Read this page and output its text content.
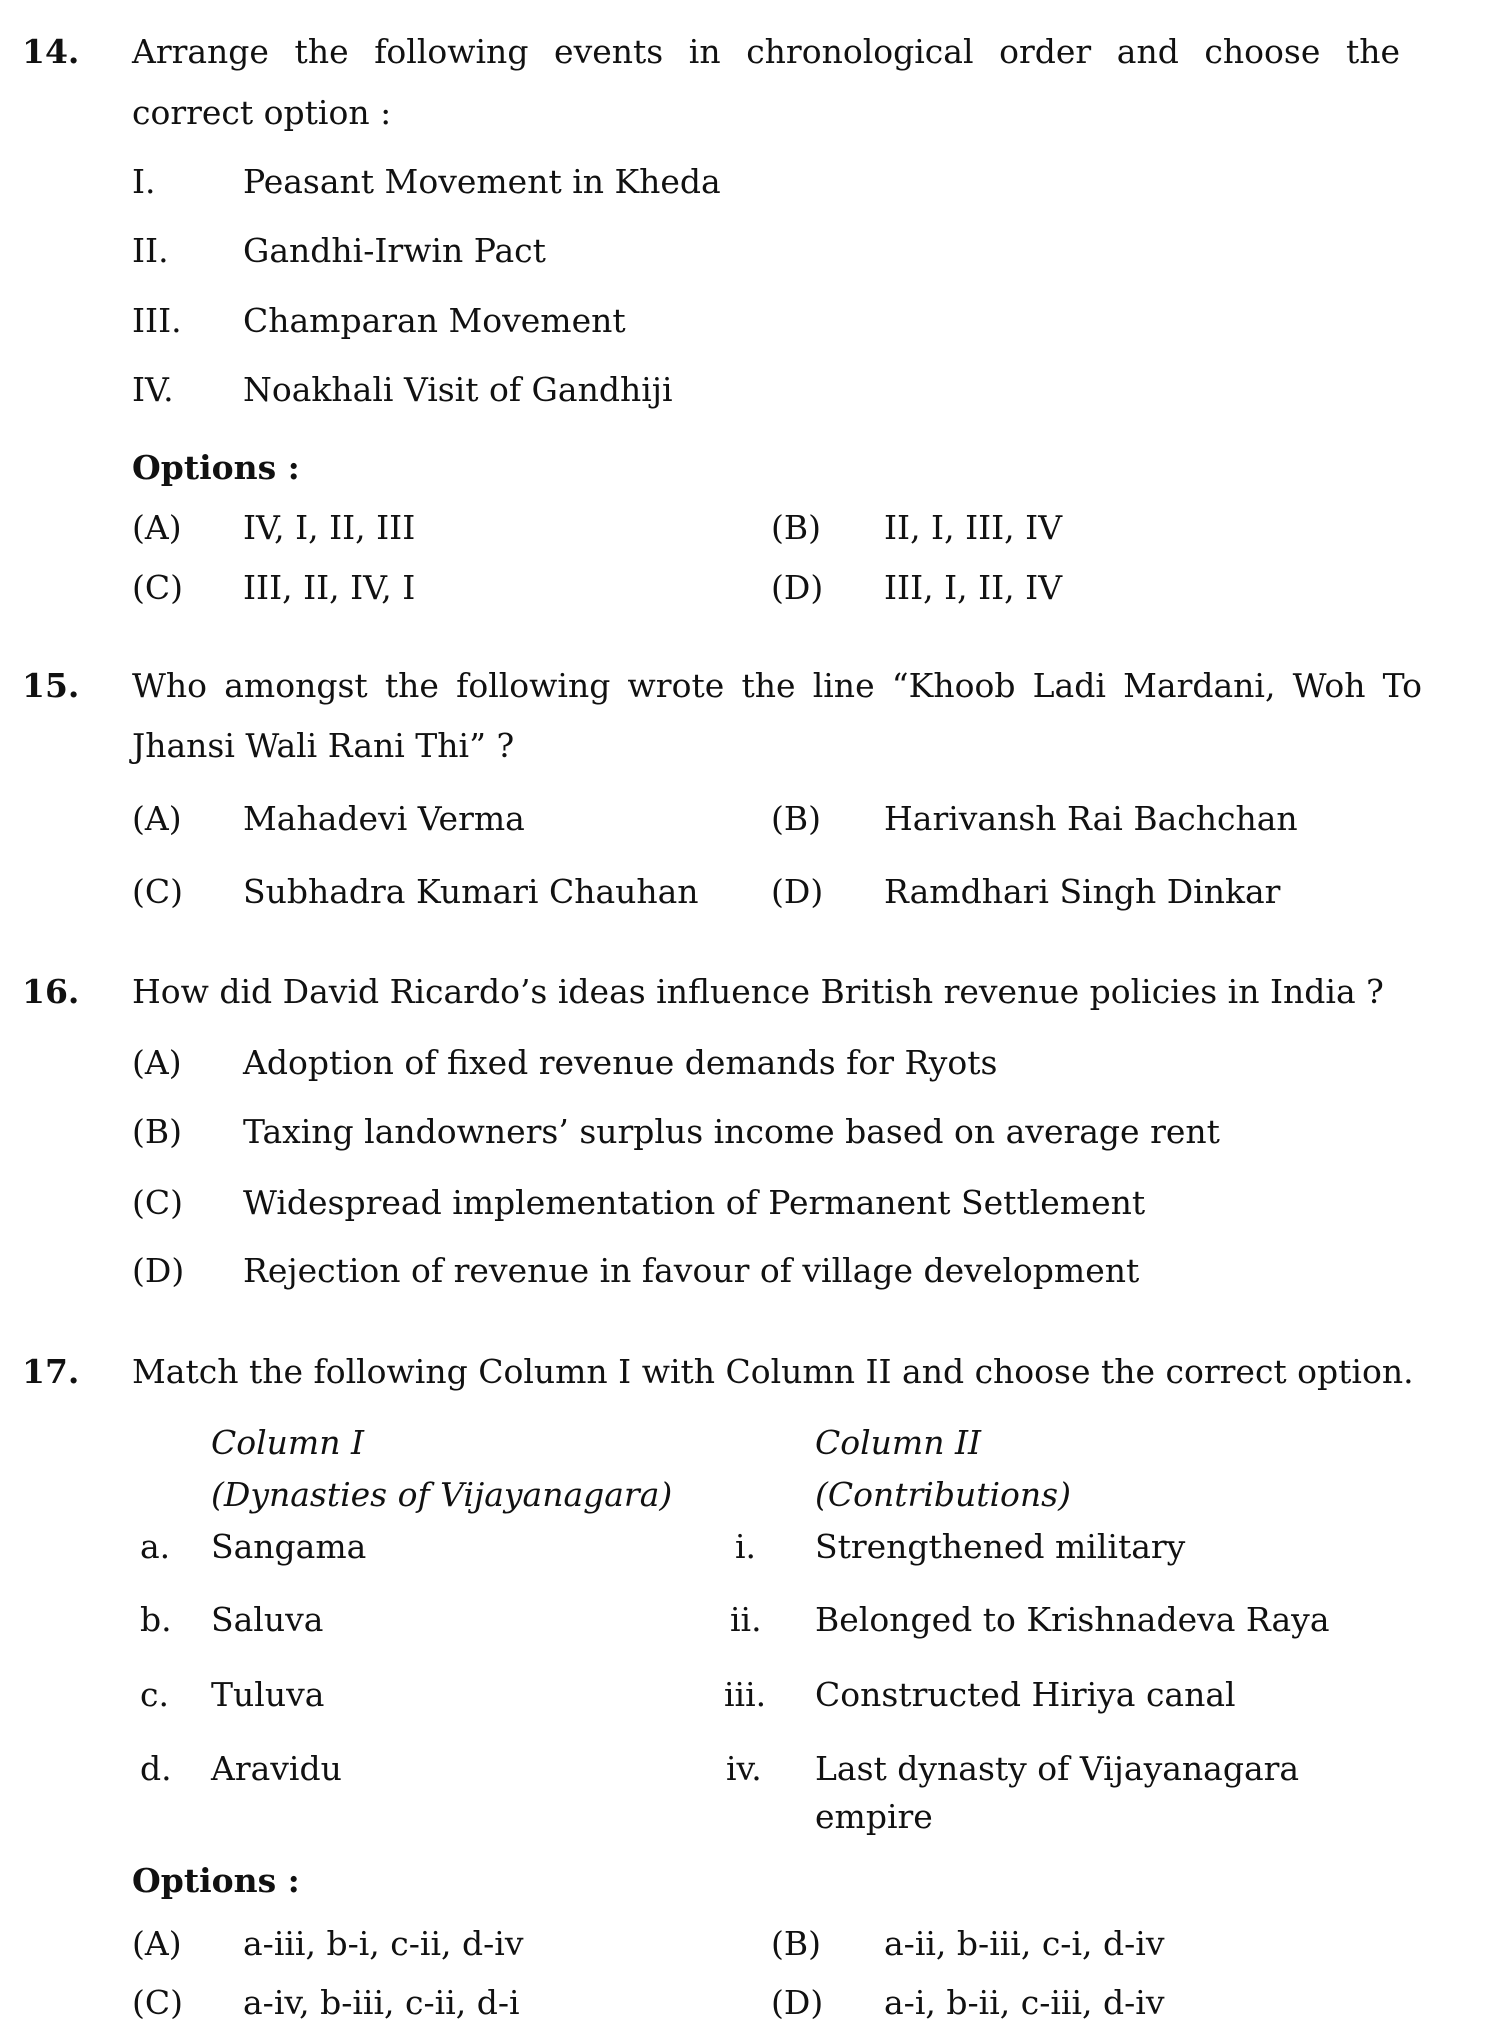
14. Arrange the following events in chronological order and choose the
correct option :
I.	Peasant Movement in Kheda
II. Gandhi-Irwin Pact
III. Champaran Movement
IV. Noakhali Visit of Gandhiji
Options :
(A) IV, I, II, III	(B) II, I, III, IV
(C) III, II, IV, I	(D) III, I, II, IV
15. Who amongst the following wrote the line “Khoob Ladi Mardani, Woh To
Jhansi Wali Rani Thi” ?
(A) Mahadevi Verma	(B) Harivansh Rai Bachchan
(C) Subhadra Kumari Chauhan (D) Ramdhari Singh Dinkar
16. How did David Ricardo’s ideas influence British revenue policies in India ?
(A) Adoption of fixed revenue demands for Ryots
(B) Taxing landowners’ surplus income based on average rent
(C) Widespread implementation of Permanent Settlement
(D) Rejection of revenue in favour of village development
17. Match the following Column I with Column II and choose the correct option.
Column I
(Dynasties of Vijayanagara)
Column II
(Contributions)
a. Sangama	i. Strengthened military
b. Saluva	ii. Belonged to Krishnadeva Raya
c. Tuluva	iii. Constructed Hiriya canal
d. Aravidu	iv. Last dynasty of Vijayanagara
empire
Options :
(A) a-iii, b-i, c-ii, d-iv	(B) a-ii, b-iii, c-i, d-iv
(C) a-iv, b-iii, c-ii, d-i	(D) a-i, b-ii, c-iii, d-iv
